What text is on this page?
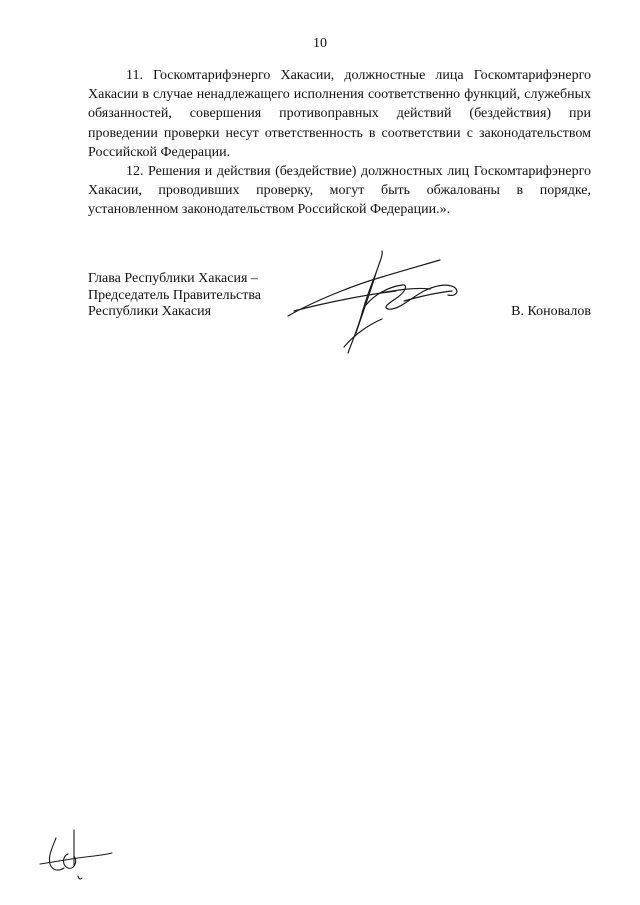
10

11. Госкомтарифэнерго Хакасии, должностные лица Госкомтарифэнерго Хакасии в случае ненадлежащего исполнения соответственно функций, служебных обязанностей, совершения противоправных действий (бездействия) при проведении проверки несут ответственность в соответствии с законодательством Российской Федерации.

12. Решения и действия (бездействие) должностных лиц Госкомтарифэнерго Хакасии, проводивших проверку, могут быть обжалованы в порядке, установленном законодательством Российской Федерации.».

Глава Республики Хакасия –
Председатель Правительства
Республики Хакасия	В. Коновалов
